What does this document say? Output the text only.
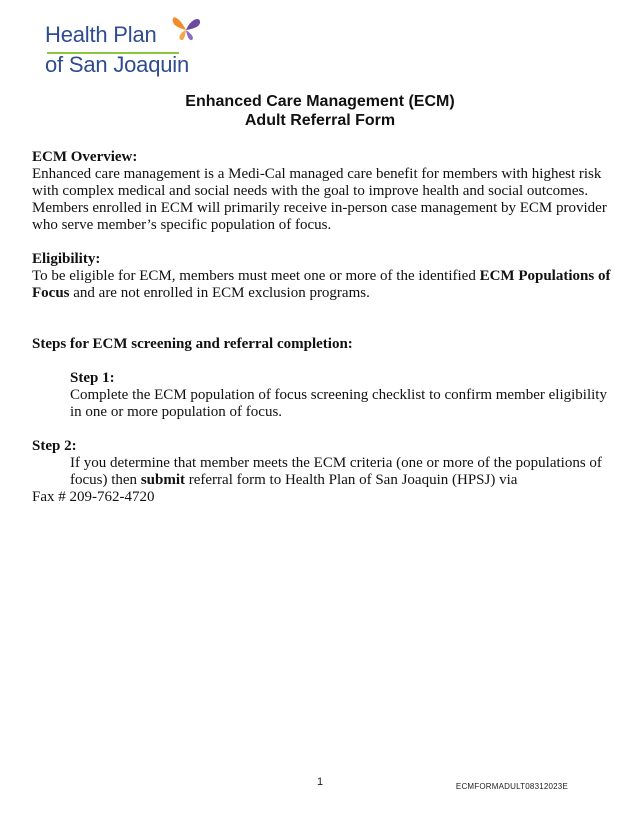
Health Plan
of San Joaquin
Enhanced Care Management (ECM)
Adult Referral Form

ECM Overview:

Enhanced care management is a Medi-Cal managed care benefit for members with highest risk with complex medical and social needs with the goal to improve health and social outcomes. Members enrolled in ECM will primarily receive in-person case management by ECM provider who serve member’s specific population of focus.

Eligibility:

To be eligible for ECM, members must meet one or more of the identified ECM Populations of Focus and are not enrolled in ECM exclusion programs.

Steps for ECM screening and referral completion:

Step 1:

Complete the ECM population of focus screening checklist to confirm member eligibility in one or more population of focus.

Step 2:

If you determine that member meets the ECM criteria (one or more of the populations of focus) then submit referral form to Health Plan of San Joaquin (HPSJ) via

Fax # 209-762-4720

1	ECMFORMADULT08312023E
